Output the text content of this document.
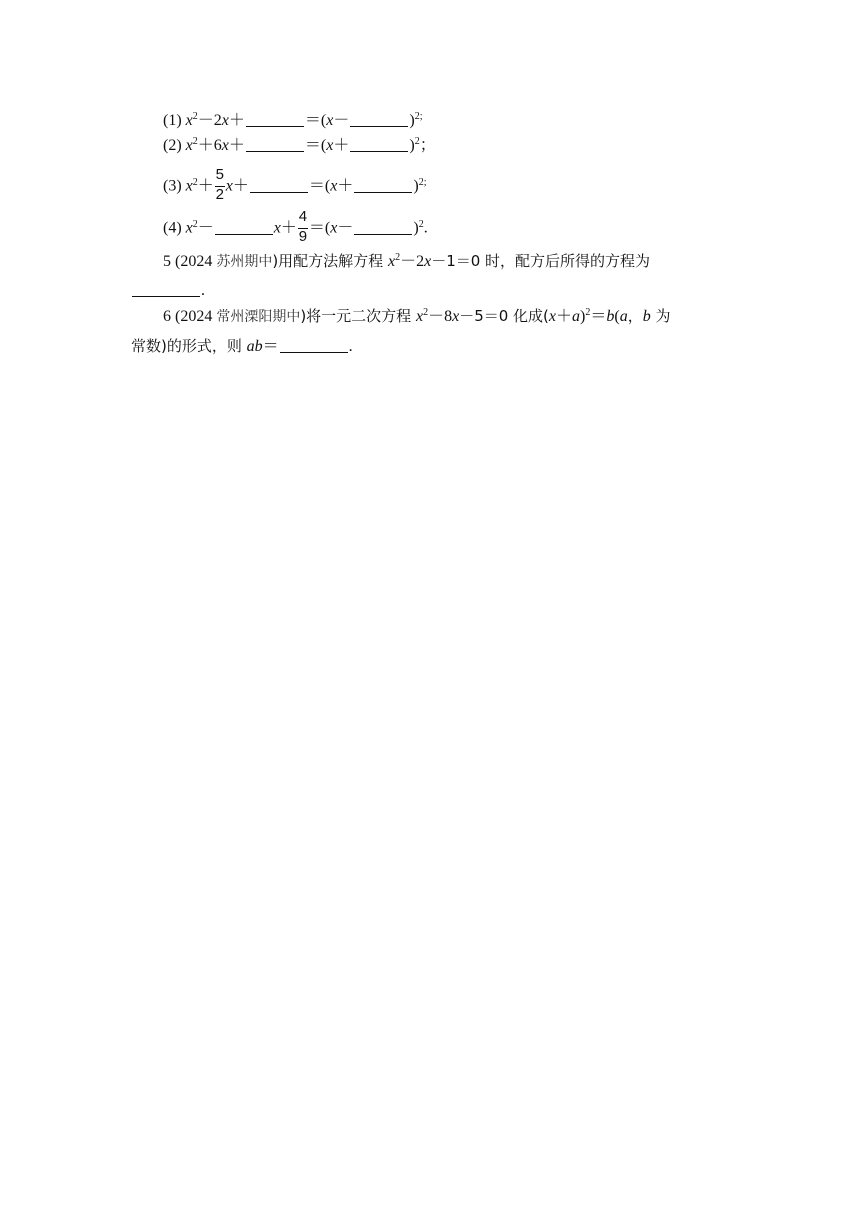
(1) $x^2-2x+$	＝(x－	)$^{2;}$
(2) $x^2+6x+$	＝(x＋	)$^2$；
(3) $x^2+ \frac{5}{2} x+$	＝(x＋	)$^{2;}$
(4) $x^2-$	$x+ \frac{4}{9} =(x-$	)$^2$.
5 (2024 苏州期中)用配方法解方程 $x^2-2x-1=0$ 时，配方后所得的方程为
.
6 (2024 常州溧阳期中)将一元二次方程 $x^2-8x-5=0$ 化成$(x+a)^2=b(a$，b 为
常数)的形式，则 ab＝	.
